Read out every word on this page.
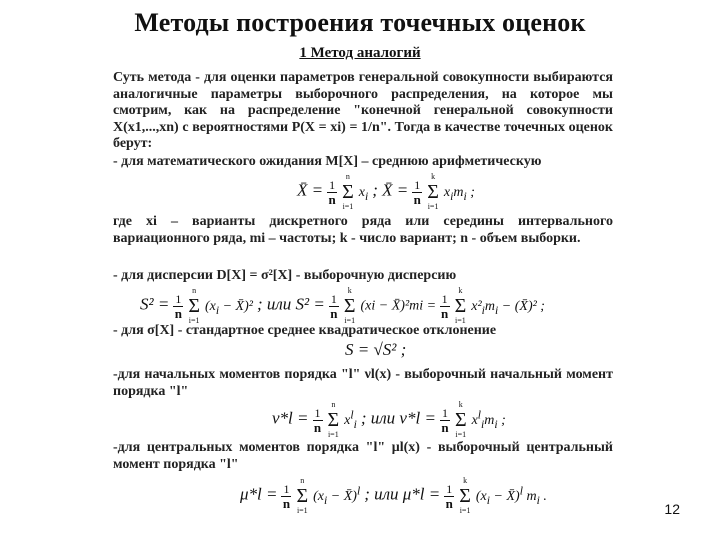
Методы построения точечных оценок
1 Метод аналогий
Суть метода - для оценки параметров генеральной совокупности выбираются аналогичные параметры выборочного распределения, на которое мы смотрим, как на распределение "конечной генеральной совокупности X(x1,...,xn) с вероятностями P(X = xi) = 1/n". Тогда в качестве точечных оценок берут:
- для математического ожидания M[X] – среднюю арифметическую
X̄ = $\frac{1}{n}$

n
Σ
i=1
$x_i$ ; X̄ = $\frac{1}{n}$

k
Σ
i=1
$x_im_i$ ;
где xi – варианты дискретного ряда или середины интервального вариационного ряда, mi – частоты; k - число вариант; n - объем выборки.
- для дисперсии D[X] = σ²[X] - выборочную дисперсию
$S^2 = \frac{1}{n}$

n
Σ
i=1
($x_i$ − X̄)² ; или $S^2 = \frac{1}{n}$

k
Σ
i=1
(xi − X̄)²mi = $\frac{1}{n}$

k
Σ
i=1
$x^2_im_i$ − (X̄)² ;
- для σ[X] - стандартное среднее квадратическое отклонение
S = √S² ;
-для начальных моментов порядка "l" νl(x) - выборочный начальный момент порядка "l"
$\nu*l = \frac{1}{n}$

n
Σ
i=1
$x^l_i$ ; или $\nu*l = \frac{1}{n}$

k
Σ
i=1
$x^l_im_i$ ;
-для центральных моментов порядка "l" μl(x) - выборочный центральный момент порядка "l"
$\mu*l = \frac{1}{n}$

n
Σ
i=1
($x_i$ − X̄)$^l$ ; или $\mu*l = \frac{1}{n}$

k
Σ
i=1
($x_i$ − X̄)$^l$ $m_i$ .
12
